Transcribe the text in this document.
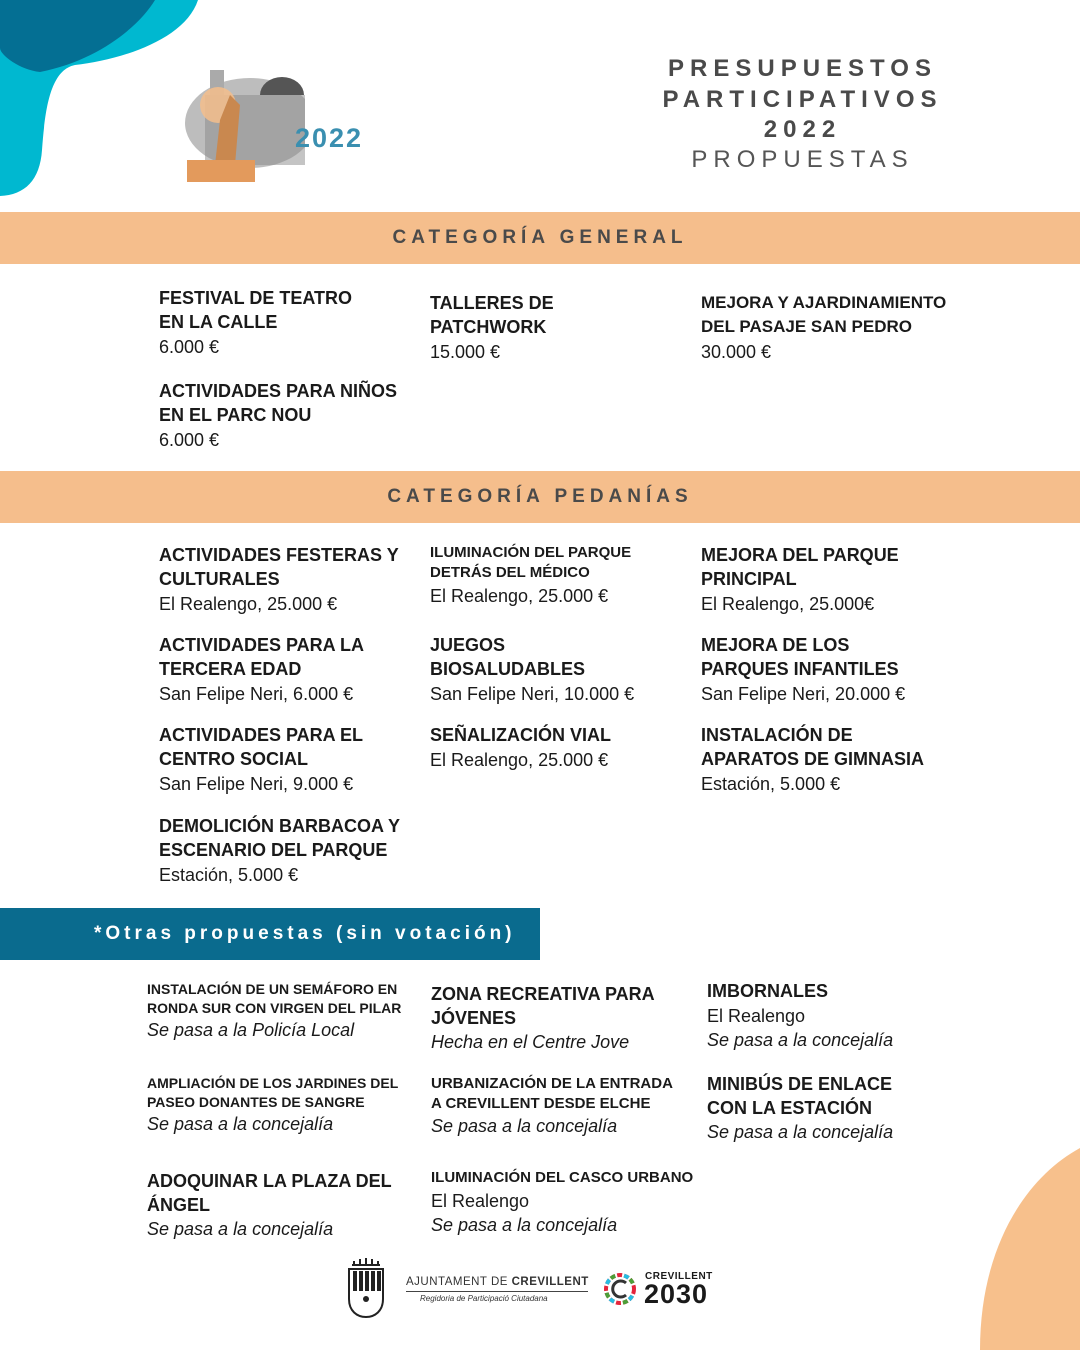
2022
PRESUPUESTOS
PARTICIPATIVOS
2022
PROPUESTAS
CATEGORÍA GENERAL
FESTIVAL DE TEATRO EN LA CALLE
6.000 €
TALLERES DE PATCHWORK
15.000 €
MEJORA Y AJARDINAMIENTO DEL PASAJE SAN PEDRO
30.000 €
ACTIVIDADES PARA NIÑOS EN EL PARC NOU
6.000 €
CATEGORÍA PEDANÍAS
ACTIVIDADES FESTERAS Y CULTURALES
El Realengo, 25.000 €
ILUMINACIÓN DEL PARQUE DETRÁS DEL MÉDICO
El Realengo, 25.000 €
MEJORA DEL PARQUE PRINCIPAL
El Realengo, 25.000€
ACTIVIDADES PARA LA TERCERA EDAD
San Felipe Neri, 6.000 €
JUEGOS BIOSALUDABLES
San Felipe Neri, 10.000 €
MEJORA DE LOS PARQUES INFANTILES
San Felipe Neri, 20.000 €
ACTIVIDADES PARA EL CENTRO SOCIAL
San Felipe Neri, 9.000 €
SEÑALIZACIÓN VIAL
El Realengo, 25.000 €
INSTALACIÓN DE APARATOS DE GIMNASIA
Estación, 5.000 €
DEMOLICIÓN BARBACOA Y ESCENARIO DEL PARQUE
Estación, 5.000 €
*Otras propuestas (sin votación)
INSTALACIÓN DE UN SEMÁFORO EN RONDA SUR CON VIRGEN DEL PILAR
Se pasa a la Policía Local
ZONA RECREATIVA PARA JÓVENES
Hecha en el Centre Jove
IMBORNALES
El Realengo
Se pasa a la concejalía
AMPLIACIÓN DE LOS JARDINES DEL PASEO DONANTES DE SANGRE
Se pasa a la concejalía
URBANIZACIÓN DE LA ENTRADA A CREVILLENT DESDE ELCHE
Se pasa a la concejalía
MINIBÚS DE ENLACE CON LA ESTACIÓN
Se pasa a la concejalía
ADOQUINAR LA PLAZA DEL ÁNGEL
Se pasa a la concejalía
ILUMINACIÓN DEL CASCO URBANO
El Realengo
Se pasa a la concejalía
AJUNTAMENT DE CREVILLENT
Regidoria de Participació Ciutadana
CREVILLENT
2030
